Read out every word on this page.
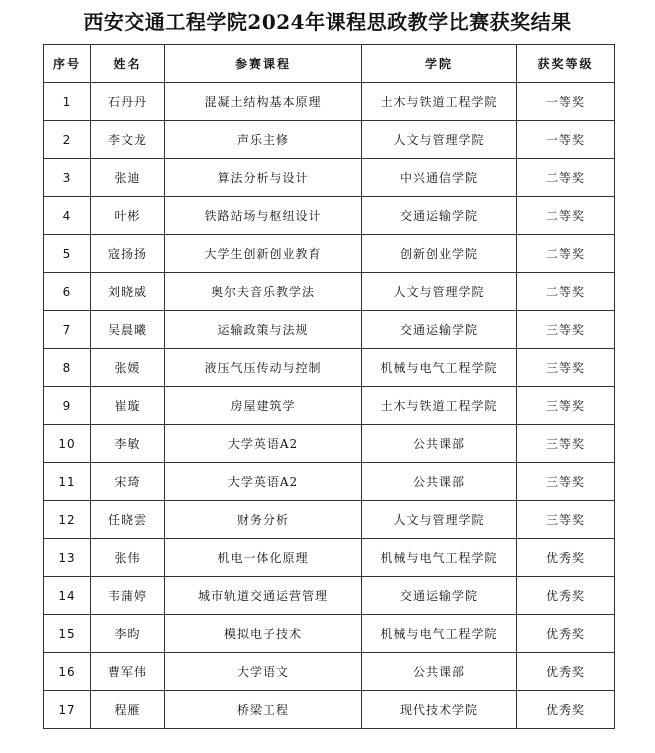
西安交通工程学院2024年课程思政教学比赛获奖结果
序号	姓名	参赛课程	学院	获奖等级
1	石丹丹	混凝土结构基本原理	土木与铁道工程学院	一等奖
2	李文龙	声乐主修	人文与管理学院	一等奖
3	张迪	算法分析与设计	中兴通信学院	二等奖
4	叶彬	铁路站场与枢纽设计	交通运输学院	二等奖
5	寇扬扬	大学生创新创业教育	创新创业学院	二等奖
6	刘晓威	奥尔夫音乐教学法	人文与管理学院	二等奖
7	吴晨曦	运输政策与法规	交通运输学院	三等奖
8	张媛	液压气压传动与控制	机械与电气工程学院	三等奖
9	崔璇	房屋建筑学	土木与铁道工程学院	三等奖
10	李敏	大学英语A2	公共课部	三等奖
11	宋琦	大学英语A2	公共课部	三等奖
12	任晓雲	财务分析	人文与管理学院	三等奖
13	张伟	机电一体化原理	机械与电气工程学院	优秀奖
14	韦蒲婷	城市轨道交通运营管理	交通运输学院	优秀奖
15	李昀	模拟电子技术	机械与电气工程学院	优秀奖
16	曹军伟	大学语文	公共课部	优秀奖
17	程雁	桥梁工程	现代技术学院	优秀奖
